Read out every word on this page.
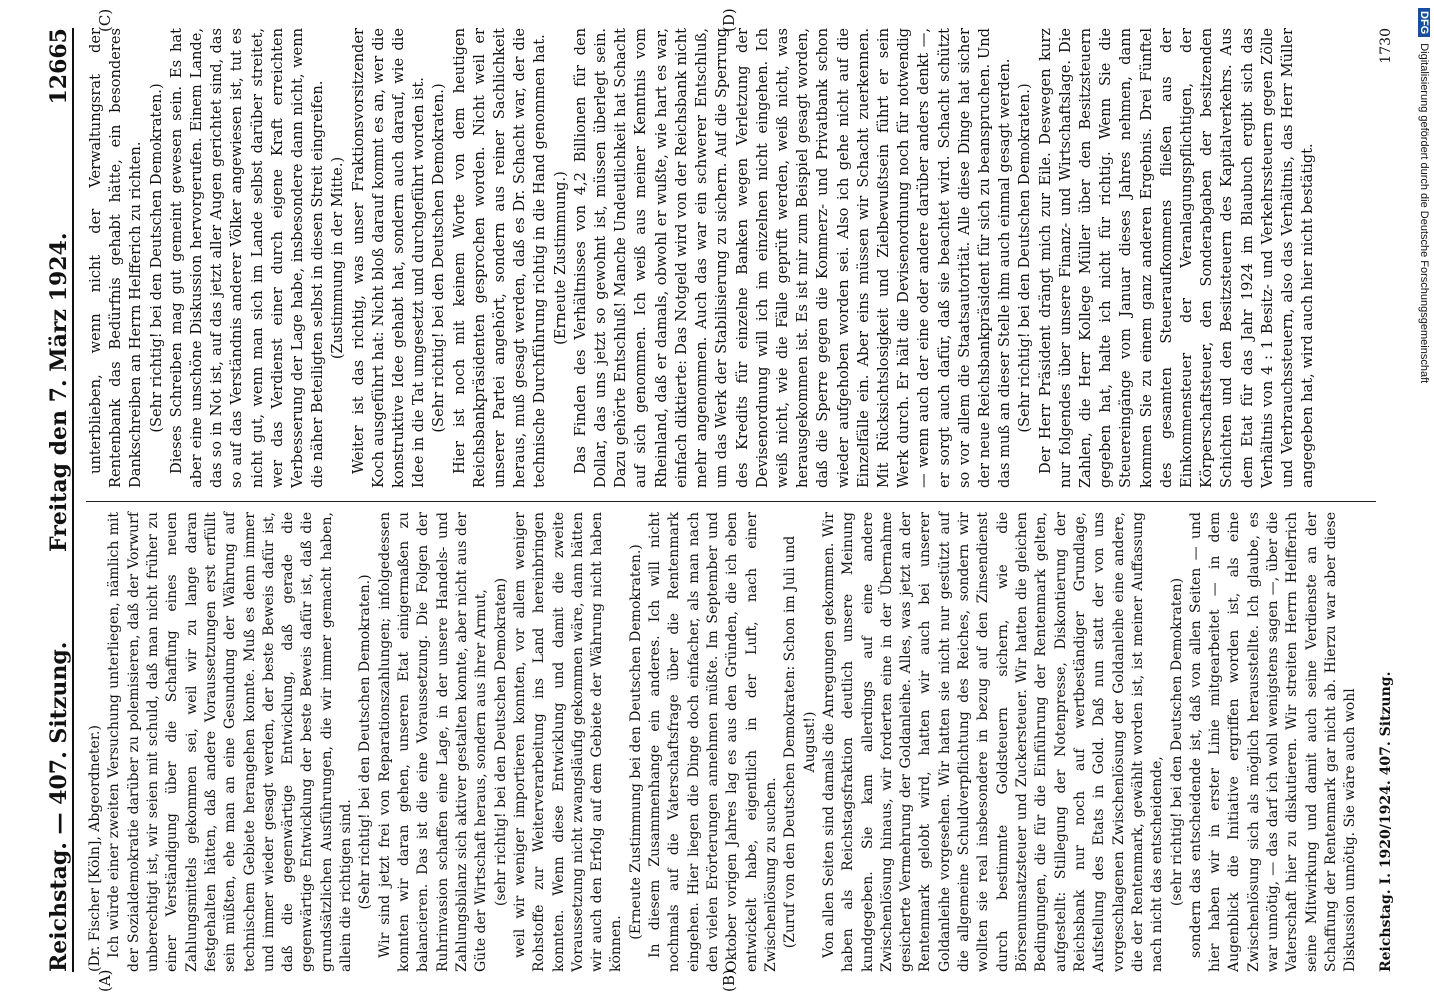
Reichstag. — 407. Sitzung.
Freitag den 7. März 1924.
12665
(A)	(B)
(C)	(D)

(Dr. Fischer [Köln], Abgeordneter.) Ich würde einer zweiten Versuchung unterliegen, nämlich mit der Sozialdemokratie darüber zu polemisieren, daß der Vorwurf unberechtigt ist, wir seien mit schuld, daß man nicht früher zu einer Verständigung über die Schaffung eines neuen Zahlungsmittels gekommen sei, weil wir zu lange daran festgehalten hätten, daß andere Voraussetzungen erst erfüllt sein müßten, ehe man an eine Gesundung der Währung auf technischem Gebiete herangehen konnte. Muß es denn immer und immer wieder gesagt werden, der beste Beweis dafür ist, daß die gegenwärtige Entwicklung, daß gerade die gegenwärtige Entwicklung der beste Beweis dafür ist, daß die grundsätzlichen Ausführungen, die wir immer gemacht haben, allein die richtigen sind. (Sehr richtig! bei den Deutschen Demokraten.) Wir sind jetzt frei von Reparationszahlungen; infolgedessen konnten wir daran gehen, unseren Etat einigermaßen zu balancieren. Das ist die eine Voraussetzung. Die Folgen der Ruhrinvasion schaffen eine Lage, in der unsere Handels- und Zahlungsbilanz sich aktiver gestalten konnte, aber nicht aus der Güte der Wirtschaft heraus, sondern aus ihrer Armut, (sehr richtig! bei den Deutschen Demokraten) weil wir weniger importieren konnten, vor allem weniger Rohstoffe zur Weiterverarbeitung ins Land hereinbringen konnten. Wenn diese Entwicklung und damit die zweite Voraussetzung nicht zwangsläufig gekommen wäre, dann hätten wir auch den Erfolg auf dem Gebiete der Währung nicht haben können.

(Erneute Zustimmung bei den Deutschen Demokraten.) In diesem Zusammenhange ein anderes. Ich will nicht nochmals auf die Vaterschaftsfrage über die Rentenmark eingehen. Hier liegen die Dinge doch einfacher, als man nach den vielen Erörterungen annehmen müßte. Im September und Oktober vorigen Jahres lag es aus den Gründen, die ich eben entwickelt habe, eigentlich in der Luft, nach einer Zwischenlösung zu suchen. (Zuruf von den Deutschen Demokraten: Schon im Juli und August!) Von allen Seiten sind damals die Anregungen gekommen. Wir haben als Reichstagsfraktion deutlich unsere Meinung kundgegeben. Sie kam allerdings auf eine andere Zwischenlösung hinaus, wir forderten eine in der Übernahme gesicherte Vermehrung der Goldanleihe. Alles, was jetzt an der Rentenmark gelobt wird, hatten wir auch bei unserer Goldanleihe vorgesehen. Wir hatten sie nicht nur gestützt auf die allgemeine Schuldverpflichtung des Reiches, sondern wir wollten sie real insbesondere in bezug auf den Zinsendienst durch bestimmte Goldsteuern sichern, wie die Börsenumsatzsteuer und Zuckersteuer. Wir hatten die gleichen Bedingungen, die für die Einführung der Rentenmark gelten, aufgestellt: Stillegung der Notenpresse, Diskontierung der Reichsbank nur noch auf wertbeständiger Grundlage, Aufstellung des Etats in Gold. Daß nun statt der von uns vorgeschlagenen Zwischenlösung der Goldanleihe eine andere, die der Rentenmark, gewählt worden ist, ist meiner Auffassung nach nicht das entscheidende, (sehr richtig! bei den Deutschen Demokraten) sondern das entscheidende ist, daß von allen Seiten — und hier haben wir in erster Linie mitgearbeitet — in dem Augenblick die Initiative ergriffen worden ist, als eine Zwischenlösung sich als möglich herausstellte. Ich glaube, es war unnötig, — das darf ich wohl wenigstens sagen —, über die Vaterschaft hier zu diskutieren. Wir streiten Herrn Helfferich seine Mitwirkung und damit auch seine Verdienste an der Schaffung der Rentenmark gar nicht ab. Hierzu war aber diese Diskussion unnötig. Sie wäre auch wohl

unterblieben, wenn nicht der Verwaltungsrat der Rentenbank das Bedürfnis gehabt hätte, ein besonderes Dankschreiben an Herrn Helfferich zu richten. (Sehr richtig! bei den Deutschen Demokraten.) Dieses Schreiben mag gut gemeint gewesen sein. Es hat aber eine unschöne Diskussion hervorgerufen. Einem Lande, das so in Not ist, auf das jetzt aller Augen gerichtet sind, das so auf das Verständnis anderer Völker angewiesen ist, tut es nicht gut, wenn man sich im Lande selbst darüber streitet, wer das Verdienst einer durch eigene Kraft erreichten Verbesserung der Lage habe, insbesondere dann nicht, wenn die näher Beteiligten selbst in diesen Streit eingreifen. (Zustimmung in der Mitte.) Weiter ist das richtig, was unser Fraktionsvorsitzender Koch ausgeführt hat: Nicht bloß darauf kommt es an, wer die konstruktive Idee gehabt hat, sondern auch darauf, wie die Idee in die Tat umgesetzt und durchgeführt worden ist. (Sehr richtig! bei den Deutschen Demokraten.) Hier ist noch mit keinem Worte von dem heutigen Reichsbankpräsidenten gesprochen worden. Nicht weil er unserer Partei angehört, sondern aus reiner Sachlichkeit heraus, muß gesagt werden, daß es Dr. Schacht war, der die technische Durchführung richtig in die Hand genommen hat. (Erneute Zustimmung.) Das Finden des Verhältnisses von 4,2 Billionen für den Dollar, das uns jetzt so gewohnt ist, müssen überlegt sein. Dazu gehörte Entschluß! Manche Undeutlichkeit hat Schacht auf sich genommen. Ich weiß aus meiner Kenntnis vom Rheinland, daß er damals, obwohl er wußte, wie hart es war, einfach diktierte: Das Notgeld wird von der Reichsbank nicht mehr angenommen. Auch das war ein schwerer Entschluß, um das Werk der Stabilisierung zu sichern. Auf die Sperrung des Kredits für einzelne Banken wegen Verletzung der Devisenordnung will ich im einzelnen nicht eingehen. Ich weiß nicht, wie die Fälle geprüft werden, weiß nicht, was herausgekommen ist. Es ist mir zum Beispiel gesagt worden, daß die Sperre gegen die Kommerz- und Privatbank schon wieder aufgehoben worden sei. Also ich gehe nicht auf die Einzelfälle ein. Aber eins müssen wir Schacht zuerkennen. Mit Rücksichtslosigkeit und Zielbewußtsein führt er sein Werk durch. Er hält die Devisenordnung noch für notwendig — wenn auch der eine oder andere darüber anders denkt —, er sorgt auch dafür, daß sie beachtet wird. Schacht schützt so vor allem die Staatsautorität. Alle diese Dinge hat sicher der neue Reichsbankpräsident für sich zu beanspruchen. Und das muß an dieser Stelle ihm auch einmal gesagt werden. (Sehr richtig! bei den Deutschen Demokraten.) Der Herr Präsident drängt mich zur Eile. Deswegen kurz nur folgendes über unsere Finanz- und Wirtschaftslage. Die Zahlen, die Herr Kollege Müller über den Besitzsteuern gegeben hat, halte ich nicht für richtig. Wenn Sie die Steuereingänge vom Januar dieses Jahres nehmen, dann kommen Sie zu einem ganz anderen Ergebnis. Drei Fünftel des gesamten Steueraufkommens fließen aus der Einkommensteuer der Veranlagungspflichtigen, der Körperschaftsteuer, den Sonderabgaben der besitzenden Schichten und den Besitzsteuern des Kapitalverkehrs. Aus dem Etat für das Jahr 1924 im Blaubuch ergibt sich das Verhältnis von 4 : 1 Besitz- und Verkehrssteuern gegen Zölle und Verbrauchssteuern, also das Verhältnis, das Herr Müller angegeben hat, wird auch hier nicht bestätigt.

Reichstag. I. 1920/1924. 407. Sitzung.
1730
DFGDigitalisierung gefördert durch die Deutsche Forschungsgemeinschaft
